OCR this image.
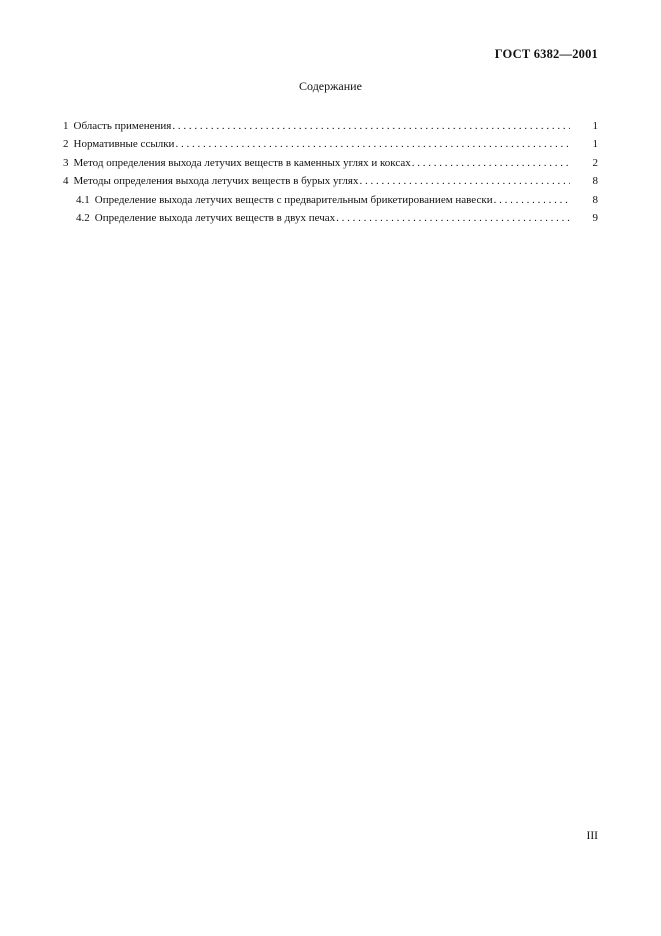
ГОСТ 6382—2001
Содержание
1 Область применения . . .	1
2 Нормативные ссылки . . .	1
3 Метод определения выхода летучих веществ в каменных углях и коксах . . .	2
4 Методы определения выхода летучих веществ в бурых углях . . .	8
4.1 Определение выхода летучих веществ с предварительным брикетированием навески . . .	8
4.2 Определение выхода летучих веществ в двух печах . . .	9
III
